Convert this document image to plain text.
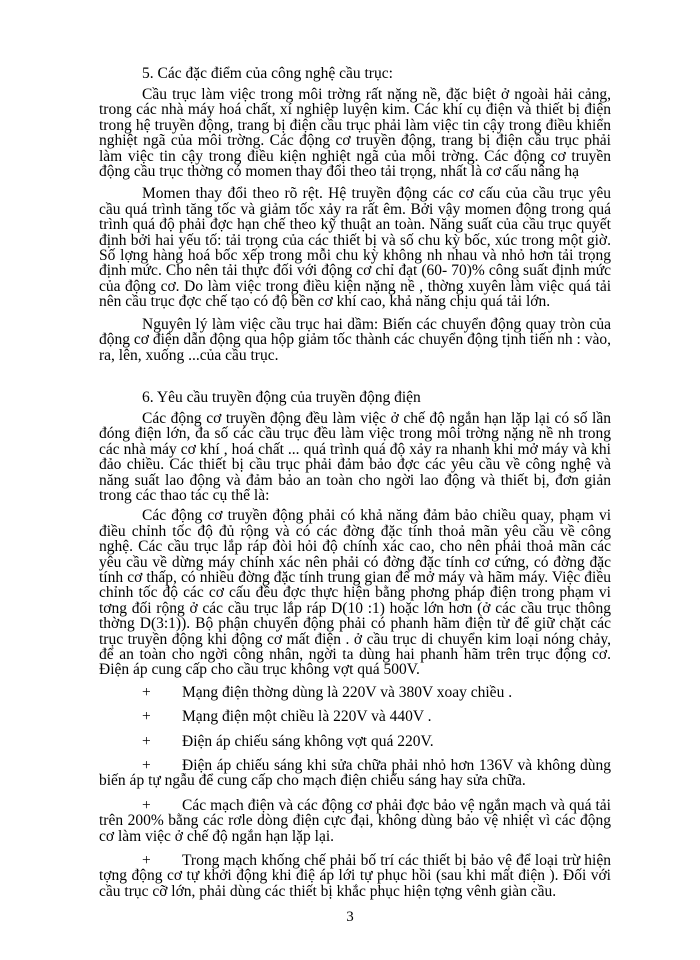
5. Các đặc điểm của công nghệ cầu trục:

Cầu trục làm việc trong môi trờng rất nặng nề, đặc biệt ở ngoài hải cảng, trong các nhà máy hoá chất, xí nghiệp luyện kim. Các khí cụ điện và thiết bị điện trong hệ truyền động, trang bị điện cầu trục phải làm việc tin cậy trong điều khiển nghiệt ngã của môi trờng. Các động cơ truyền động, trang bị điện cầu trục phải làm việc tin cậy trong điều kiện nghiệt ngã của môi trờng. Các động cơ truyền động cầu trục thờng có momen thay đổi theo tải trọng, nhất là cơ cấu nâng hạ

Momen thay đổi theo rõ rệt. Hệ truyền động các cơ cấu của cầu trục yêu cầu quá trình tăng tốc và giảm tốc xảy ra rất êm. Bởi vậy momen động trong quá trình quá độ phải đợc hạn chế theo kỹ thuật an toàn. Năng suất của cầu trục quyết định bởi hai yếu tố: tải trọng của các thiết bị và số chu kỳ bốc, xúc trong một giờ. Số lợng hàng hoá bốc xếp trong mỗi chu kỳ không nh nhau và nhỏ hơn tải trọng định mức. Cho nên tải thực đối với động cơ chỉ đạt (60- 70)% công suất định mức của động cơ. Do làm việc trong điều kiện nặng nề , thờng xuyên làm việc quá tải nên cầu trục đợc chế tạo có độ bền cơ khí cao, khả năng chịu quá tải lớn.

Nguyên lý làm việc cầu trục hai dầm: Biến các chuyển động quay tròn của động cơ điện dẫn động qua hộp giảm tốc thành các chuyển động tịnh tiến nh : vào, ra, lên, xuống ...của cầu trục.

6. Yêu cầu truyền động của truyền động điện

Các động cơ truyền động đều làm việc ở chế độ ngắn hạn lặp lại có số lần đóng điện lớn, đa số các cầu trục đều làm việc trong môi trờng nặng nề nh trong các nhà máy cơ khí , hoá chất ... quá trình quá độ xảy ra nhanh khi mở máy và khi đảo chiều. Các thiết bị cầu trục phải đảm bảo đợc các yêu cầu về công nghệ và năng suất lao động và đảm bảo an toàn cho ngời lao động và thiết bị, đơn giản trong các thao tác cụ thể là:

Các động cơ truyền động phải có khả năng đảm bảo chiều quay, phạm vi điều chỉnh tốc độ đủ rộng và có các đờng đặc tính thoả mãn yêu cầu về công nghệ. Các cầu trục lắp ráp đòi hỏi độ chính xác cao, cho nên phải thoả mãn các yêu cầu về dừng máy chính xác nên phải có đờng đặc tính cơ cứng, có đờng đặc tính cơ thấp, có nhiều đờng đặc tính trung gian để mở máy và hãm máy. Việc điều chỉnh tốc độ các cơ cấu đều đợc thực hiện bằng phơng pháp điện trong phạm vi tơng đối rộng ở các cầu trục lắp ráp D(10 :1) hoặc lớn hơn (ở các cầu trục thông thờng D(3:1)). Bộ phận chuyển động phải có phanh hãm điện từ để giữ chặt các trục truyền động khi động cơ mất điện . ở cầu trục di chuyển kim loại nóng chảy, để an toàn cho ngời công nhân, ngời ta dùng hai phanh hãm trên trục động cơ. Điện áp cung cấp cho cầu trục không vợt quá 500V.

+ Mạng điện thờng dùng là 220V và 380V xoay chiều .

+ Mạng điện một chiều là 220V và 440V .

+ Điện áp chiếu sáng không vợt quá 220V.

+ Điện áp chiếu sáng khi sửa chữa phải nhỏ hơn 136V và không dùng biến áp tự ngẫu để cung cấp cho mạch điện chiếu sáng hay sửa chữa.

+ Các mạch điện và các động cơ phải đợc bảo vệ ngắn mạch và quá tải trên 200% bằng các rơle dòng điện cực đại, không dùng bảo vệ nhiệt vì các động cơ làm việc ở chế độ ngắn hạn lặp lại.

+ Trong mạch khống chế phải bố trí các thiết bị bảo vệ để loại trừ hiện tợng động cơ tự khởi động khi điệ áp lới tự phục hồi (sau khi mất điện ). Đối với cầu trục cỡ lớn, phải dùng các thiết bị khắc phục hiện tợng vênh giàn cầu.

3
